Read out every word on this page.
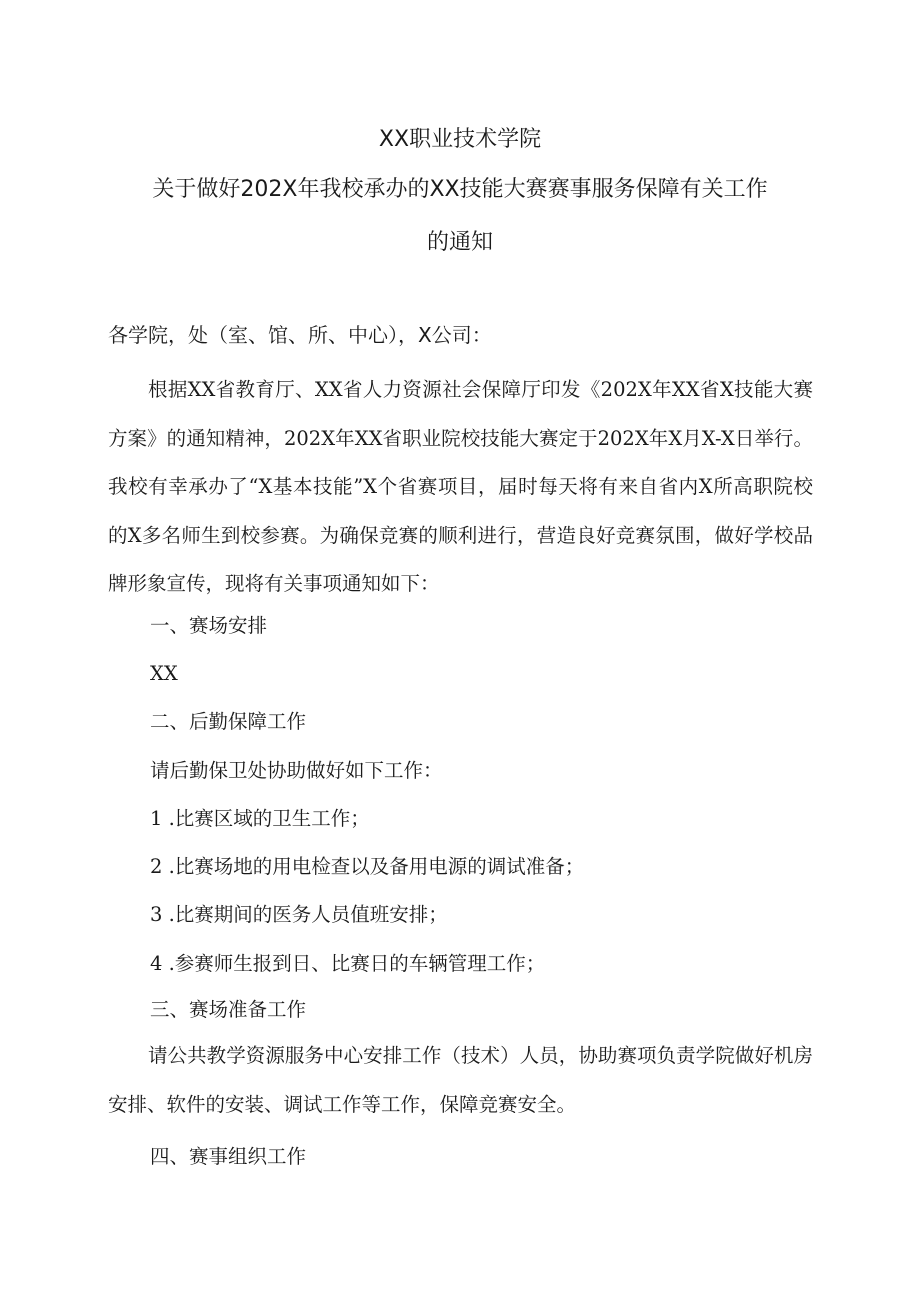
XX职业技术学院
关于做好202X年我校承办的XX技能大赛赛事服务保障有关工作
的通知
各学院，处（室、馆、所、中心），X公司：
根据XX省教育厅、XX省人力资源社会保障厅印发《202X年XX省X技能大赛方案》的通知精神，202X年XX省职业院校技能大赛定于202X年X月X-X日举行。我校有幸承办了“X基本技能”X个省赛项目，届时每天将有来自省内X所高职院校的X多名师生到校参赛。为确保竞赛的顺利进行，营造良好竞赛氛围，做好学校品牌形象宣传，现将有关事项通知如下：
一、赛场安排
XX
二、后勤保障工作
请后勤保卫处协助做好如下工作：
1 .比赛区域的卫生工作；
2 .比赛场地的用电检查以及备用电源的调试准备；
3 .比赛期间的医务人员值班安排；
4 .参赛师生报到日、比赛日的车辆管理工作；
三、赛场准备工作
请公共教学资源服务中心安排工作（技术）人员，协助赛项负责学院做好机房安排、软件的安装、调试工作等工作，保障竞赛安全。
四、赛事组织工作
